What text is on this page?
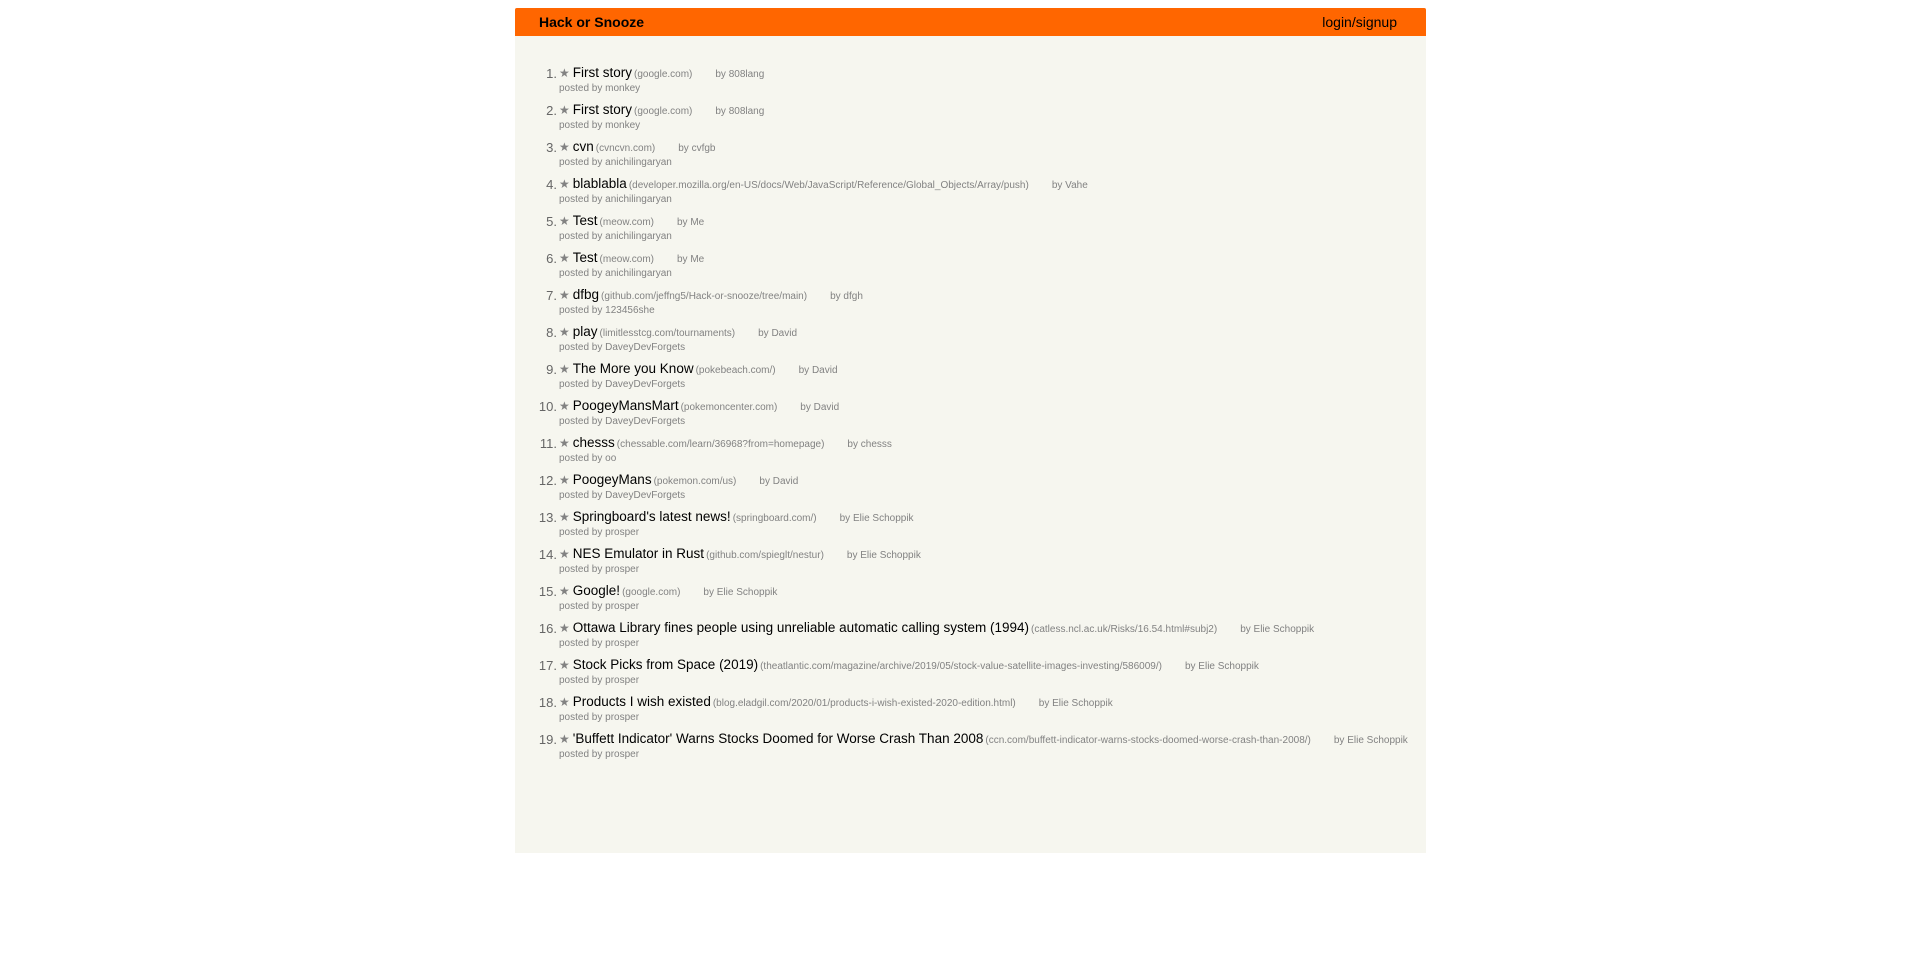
Hack or Snooze	login/signup
1. ★ First story (google.com) by 808lang
posted by monkey
2. ★ First story (google.com) by 808lang
posted by monkey
3. ★ cvn (cvncvn.com) by cvfgb
posted by anichilingaryan
4. ★ blablabla (developer.mozilla.org/en-US/docs/Web/JavaScript/Reference/Global_Objects/Array/push) by Vahe
posted by anichilingaryan
5. ★ Test (meow.com) by Me
posted by anichilingaryan
6. ★ Test (meow.com) by Me
posted by anichilingaryan
7. ★ dfbg (github.com/jeffng5/Hack-or-snooze/tree/main) by dfgh
posted by 123456she
8. ★ play (limitlesstcg.com/tournaments) by David
posted by DaveyDevForgets
9. ★ The More you Know (pokebeach.com/) by David
posted by DaveyDevForgets
10. ★ PoogeyMansMart (pokemoncenter.com) by David
posted by DaveyDevForgets
11. ★ chesss (chessable.com/learn/36968?from=homepage) by chesss
posted by oo
12. ★ PoogeyMans (pokemon.com/us) by David
posted by DaveyDevForgets
13. ★ Springboard's latest news! (springboard.com/) by Elie Schoppik
posted by prosper
14. ★ NES Emulator in Rust (github.com/spieglt/nestur) by Elie Schoppik
posted by prosper
15. ★ Google! (google.com) by Elie Schoppik
posted by prosper
16. ★ Ottawa Library fines people using unreliable automatic calling system (1994) (catless.ncl.ac.uk/Risks/16.54.html#subj2) by Elie Schoppik
posted by prosper
17. ★ Stock Picks from Space (2019) (theatlantic.com/magazine/archive/2019/05/stock-value-satellite-images-investing/586009/) by Elie Schoppik
posted by prosper
18. ★ Products I wish existed (blog.eladgil.com/2020/01/products-i-wish-existed-2020-edition.html) by Elie Schoppik
posted by prosper
19. ★ 'Buffett Indicator' Warns Stocks Doomed for Worse Crash Than 2008 (ccn.com/buffett-indicator-warns-stocks-doomed-worse-crash-than-2008/) by Elie Schoppik
posted by prosper
